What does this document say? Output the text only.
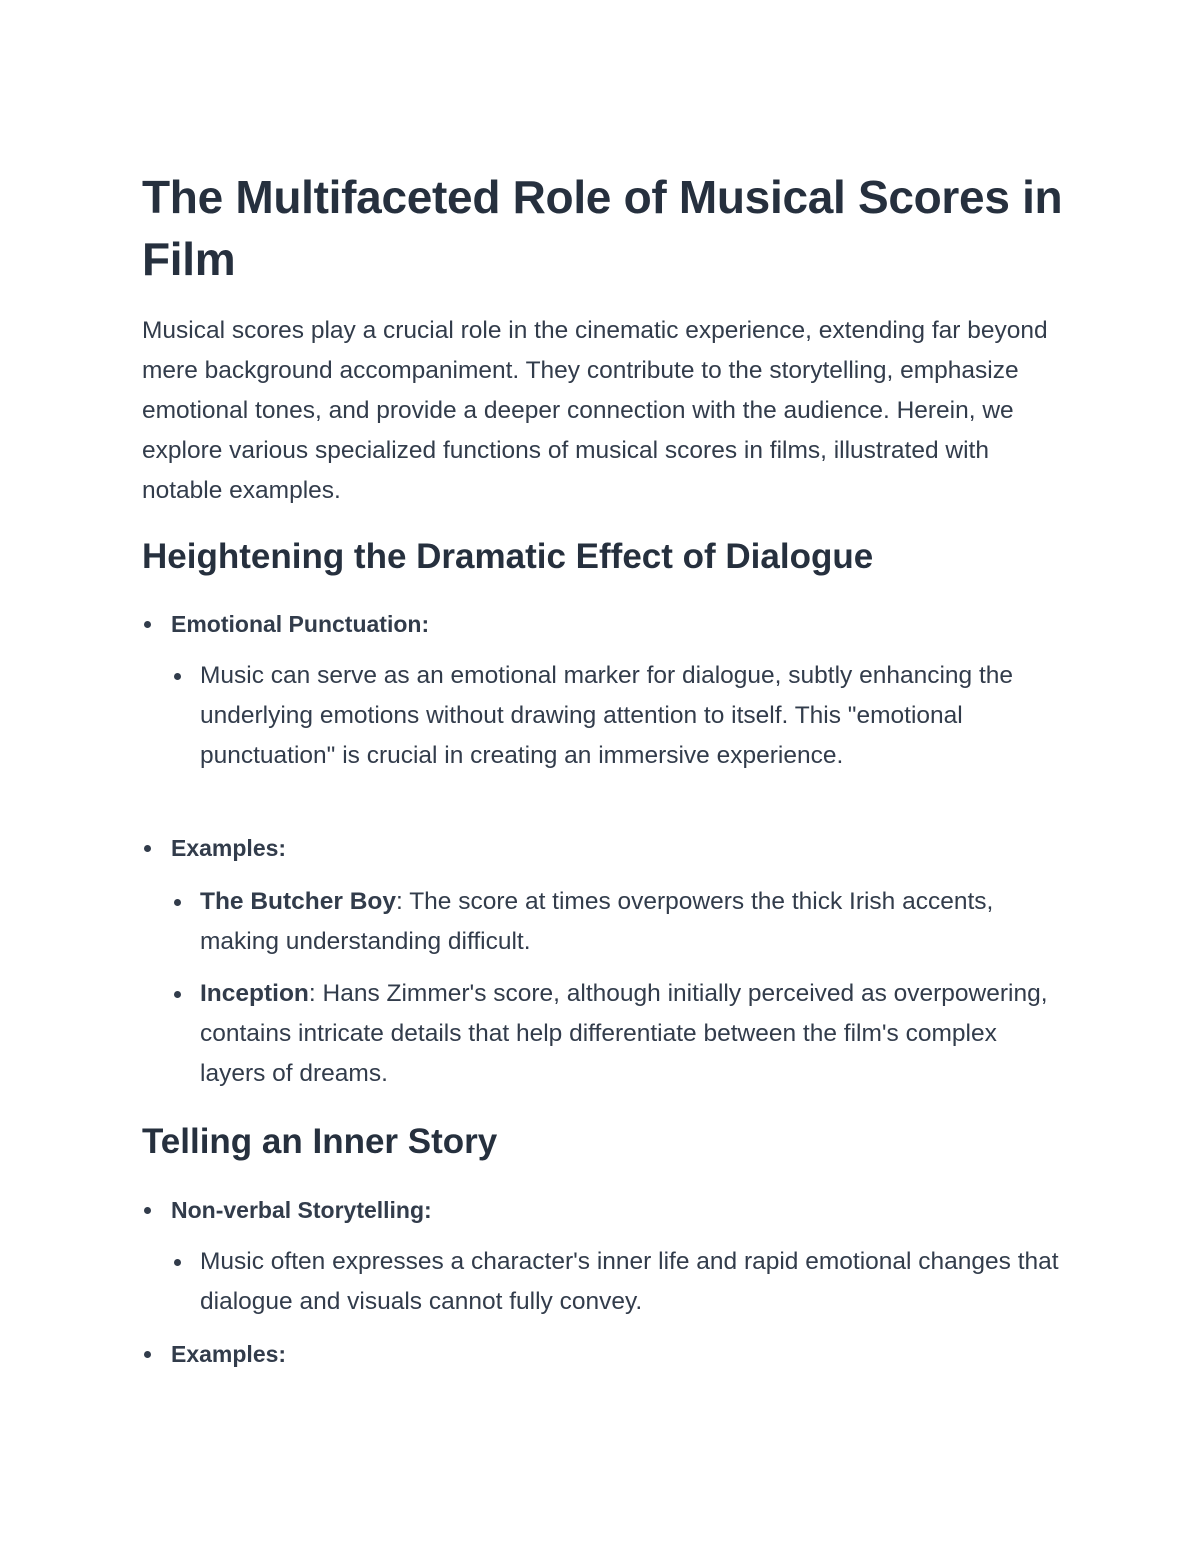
The Multifaceted Role of Musical Scores in Film

Musical scores play a crucial role in the cinematic experience, extending far beyond mere background accompaniment. They contribute to the storytelling, emphasize emotional tones, and provide a deeper connection with the audience. Herein, we explore various specialized functions of musical scores in films, illustrated with notable examples.

Heightening the Dramatic Effect of Dialogue
Emotional Punctuation:
Music can serve as an emotional marker for dialogue, subtly enhancing the underlying emotions without drawing attention to itself. This "emotional punctuation" is crucial in creating an immersive experience.
Examples:
The Butcher Boy: The score at times overpowers the thick Irish accents, making understanding difficult.
Inception: Hans Zimmer's score, although initially perceived as overpowering, contains intricate details that help differentiate between the film's complex layers of dreams.
Telling an Inner Story
Non-verbal Storytelling:
Music often expresses a character's inner life and rapid emotional changes that dialogue and visuals cannot fully convey.
Examples:
